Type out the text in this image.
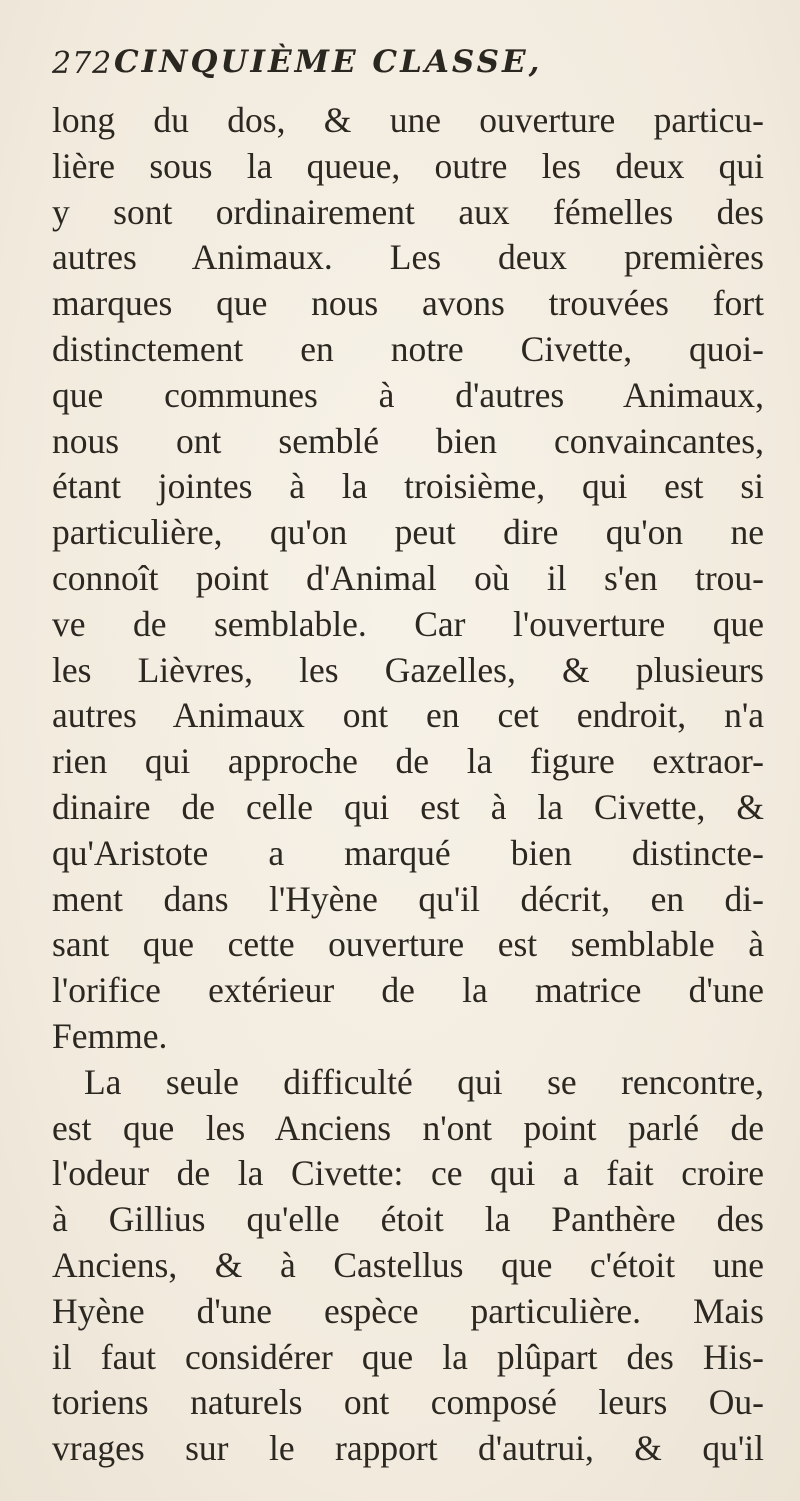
272 CINQUIÈME CLASSE,
long du dos, & une ouverture particu-
lière sous la queue, outre les deux qui
y sont ordinairement aux fémelles des
autres Animaux. Les deux premières
marques que nous avons trouvées fort
distinctement en notre Civette, quoi-
que communes à d'autres Animaux,
nous ont semblé bien convaincantes,
étant jointes à la troisième, qui est si
particulière, qu'on peut dire qu'on ne
connoît point d'Animal où il s'en trou-
ve de semblable. Car l'ouverture que
les Lièvres, les Gazelles, & plusieurs
autres Animaux ont en cet endroit, n'a
rien qui approche de la figure extraor-
dinaire de celle qui est à la Civette, &
qu'Aristote a marqué bien distincte-
ment dans l'Hyène qu'il décrit, en di-
sant que cette ouverture est semblable à
l'orifice extérieur de la matrice d'une
Femme.
La seule difficulté qui se rencontre,
est que les Anciens n'ont point parlé de
l'odeur de la Civette: ce qui a fait croire
à Gillius qu'elle étoit la Panthère des
Anciens, & à Castellus que c'étoit une
Hyène d'une espèce particulière. Mais
il faut considérer que la plûpart des His-
toriens naturels ont composé leurs Ou-
vrages sur le rapport d'autrui, & qu'il
